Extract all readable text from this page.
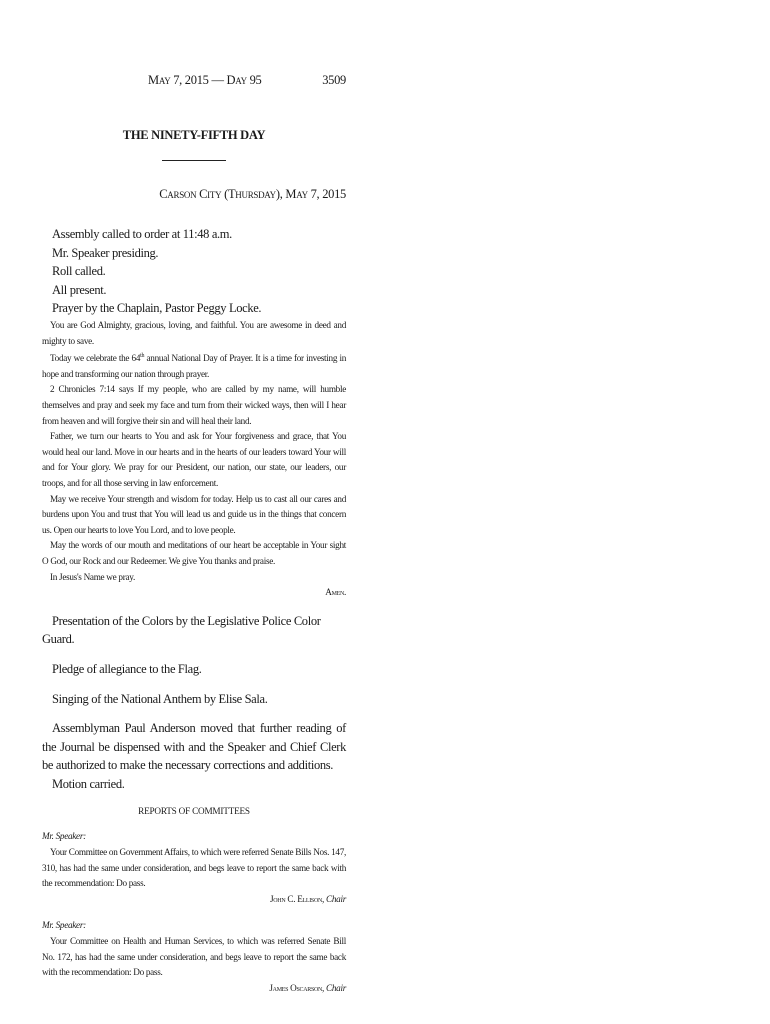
May 7, 2015 — Day 95	3509
THE NINETY-FIFTH DAY
Carson City (Thursday), May 7, 2015

Assembly called to order at 11:48 a.m.

Mr. Speaker presiding.

Roll called.

All present.

Prayer by the Chaplain, Pastor Peggy Locke.

You are God Almighty, gracious, loving, and faithful. You are awesome in deed and mighty to save.

Today we celebrate the 64th annual National Day of Prayer. It is a time for investing in hope and transforming our nation through prayer.

2 Chronicles 7:14 says If my people, who are called by my name, will humble themselves and pray and seek my face and turn from their wicked ways, then will I hear from heaven and will forgive their sin and will heal their land.

Father, we turn our hearts to You and ask for Your forgiveness and grace, that You would heal our land. Move in our hearts and in the hearts of our leaders toward Your will and for Your glory. We pray for our President, our nation, our state, our leaders, our troops, and for all those serving in law enforcement.

May we receive Your strength and wisdom for today. Help us to cast all our cares and burdens upon You and trust that You will lead us and guide us in the things that concern us. Open our hearts to love You Lord, and to love people.

May the words of our mouth and meditations of our heart be acceptable in Your sight O God, our Rock and our Redeemer. We give You thanks and praise.

In Jesus's Name we pray.

Amen.

Presentation of the Colors by the Legislative Police Color Guard.

Pledge of allegiance to the Flag.

Singing of the National Anthem by Elise Sala.

Assemblyman Paul Anderson moved that further reading of the Journal be dispensed with and the Speaker and Chief Clerk be authorized to make the necessary corrections and additions.

Motion carried.

REPORTS OF COMMITTEES

Mr. Speaker:

Your Committee on Government Affairs, to which were referred Senate Bills Nos. 147, 310, has had the same under consideration, and begs leave to report the same back with the recommendation: Do pass.

John C. Ellison, Chair

Mr. Speaker:

Your Committee on Health and Human Services, to which was referred Senate Bill No. 172, has had the same under consideration, and begs leave to report the same back with the recommendation: Do pass.

James Oscarson, Chair
